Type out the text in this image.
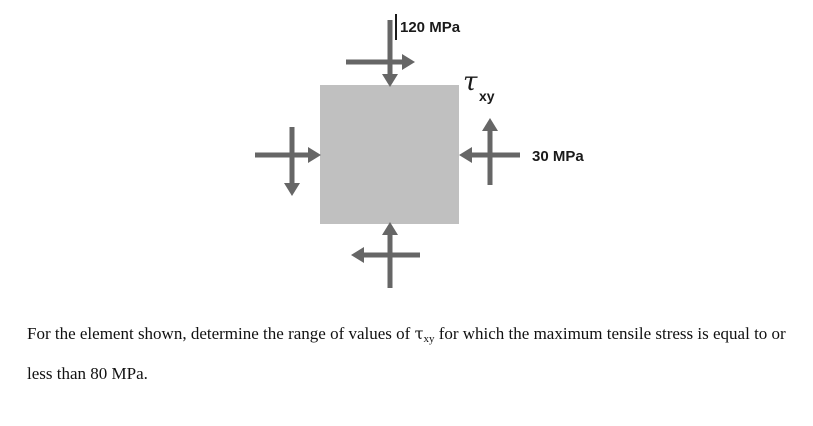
120 MPa
30 MPa
τ xy

For the element shown, determine the range of values of $\tau_{xy}$ for which the maximum tensile stress is equal to or less than 80 MPa.
